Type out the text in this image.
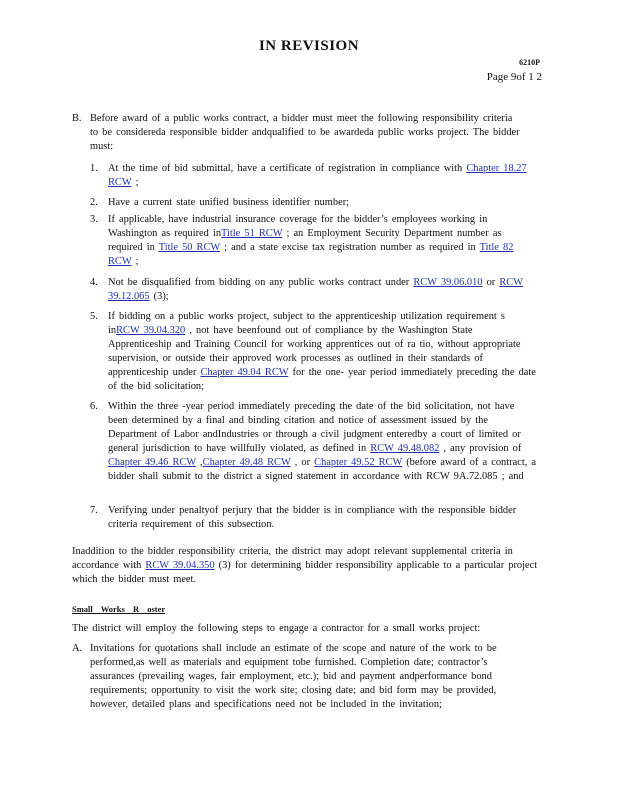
IN REVISION
6210P
Page 9of 1 2
B. Before award of a public works contract, a bidder must meet the following responsibility criteria to be considereda responsible bidder andqualified to be awardeda public works project. The bidder must:
1. At the time of bid submittal, have a certificate of registration in compliance with Chapter 18.27 RCW ;
2. Have a current state unified business identifier number;
3. If applicable, have industrial insurance coverage for the bidder’s employees working in Washington as required inTitle 51 RCW ; an Employment Security Department number as required in Title 50 RCW ; and a state excise tax registration number as required in Title 82 RCW ;
4. Not be disqualified from bidding on any public works contract under RCW 39.06.010 or RCW 39.12.065 (3);
5. If bidding on a public works project, subject to the apprenticeship utilization requirement s inRCW 39.04.320 , not have beenfound out of compliance by the Washington State Apprenticeship and Training Council for working apprentices out of ra tio, without appropriate supervision, or outside their approved work processes as outlined in their standards of apprenticeship under Chapter 49.04 RCW for the one- year period immediately preceding the date of the bid solicitation;
6. Within the three -year period immediately preceding the date of the bid solicitation, not have been determined by a final and binding citation and notice of assessment issued by the Department of Labor andIndustries or through a civil judgment enteredby a court of limited or general jurisdiction to have willfully violated, as defined in RCW 49.48.082 , any provision of Chapter 49.46 RCW ,Chapter 49.48 RCW , or Chapter 49.52 RCW (before award of a contract, a bidder shall submit to the district a signed statement in accordance with RCW 9A.72.085 ; and
7. Verifying under penaltyof perjury that the bidder is in compliance with the responsible bidder criteria requirement of this subsection.
Inaddition to the bidder responsibility criteria, the district may adopt relevant supplemental criteria in accordance with RCW 39.04.350 (3) for determining bidder responsibility applicable to a particular project which the bidder must meet.
Small Works R oster
The district will employ the following steps to engage a contractor for a small works project:
A. Invitations for quotations shall include an estimate of the scope and nature of the work to be performed,as well as materials and equipment tobe furnished. Completion date; contractor’s assurances (prevailing wages, fair employment, etc.); bid and payment andperformance bond requirements; opportunity to visit the work site; closing date; and bid form may be provided, however, detailed plans and specifications need not be included in the invitation;
